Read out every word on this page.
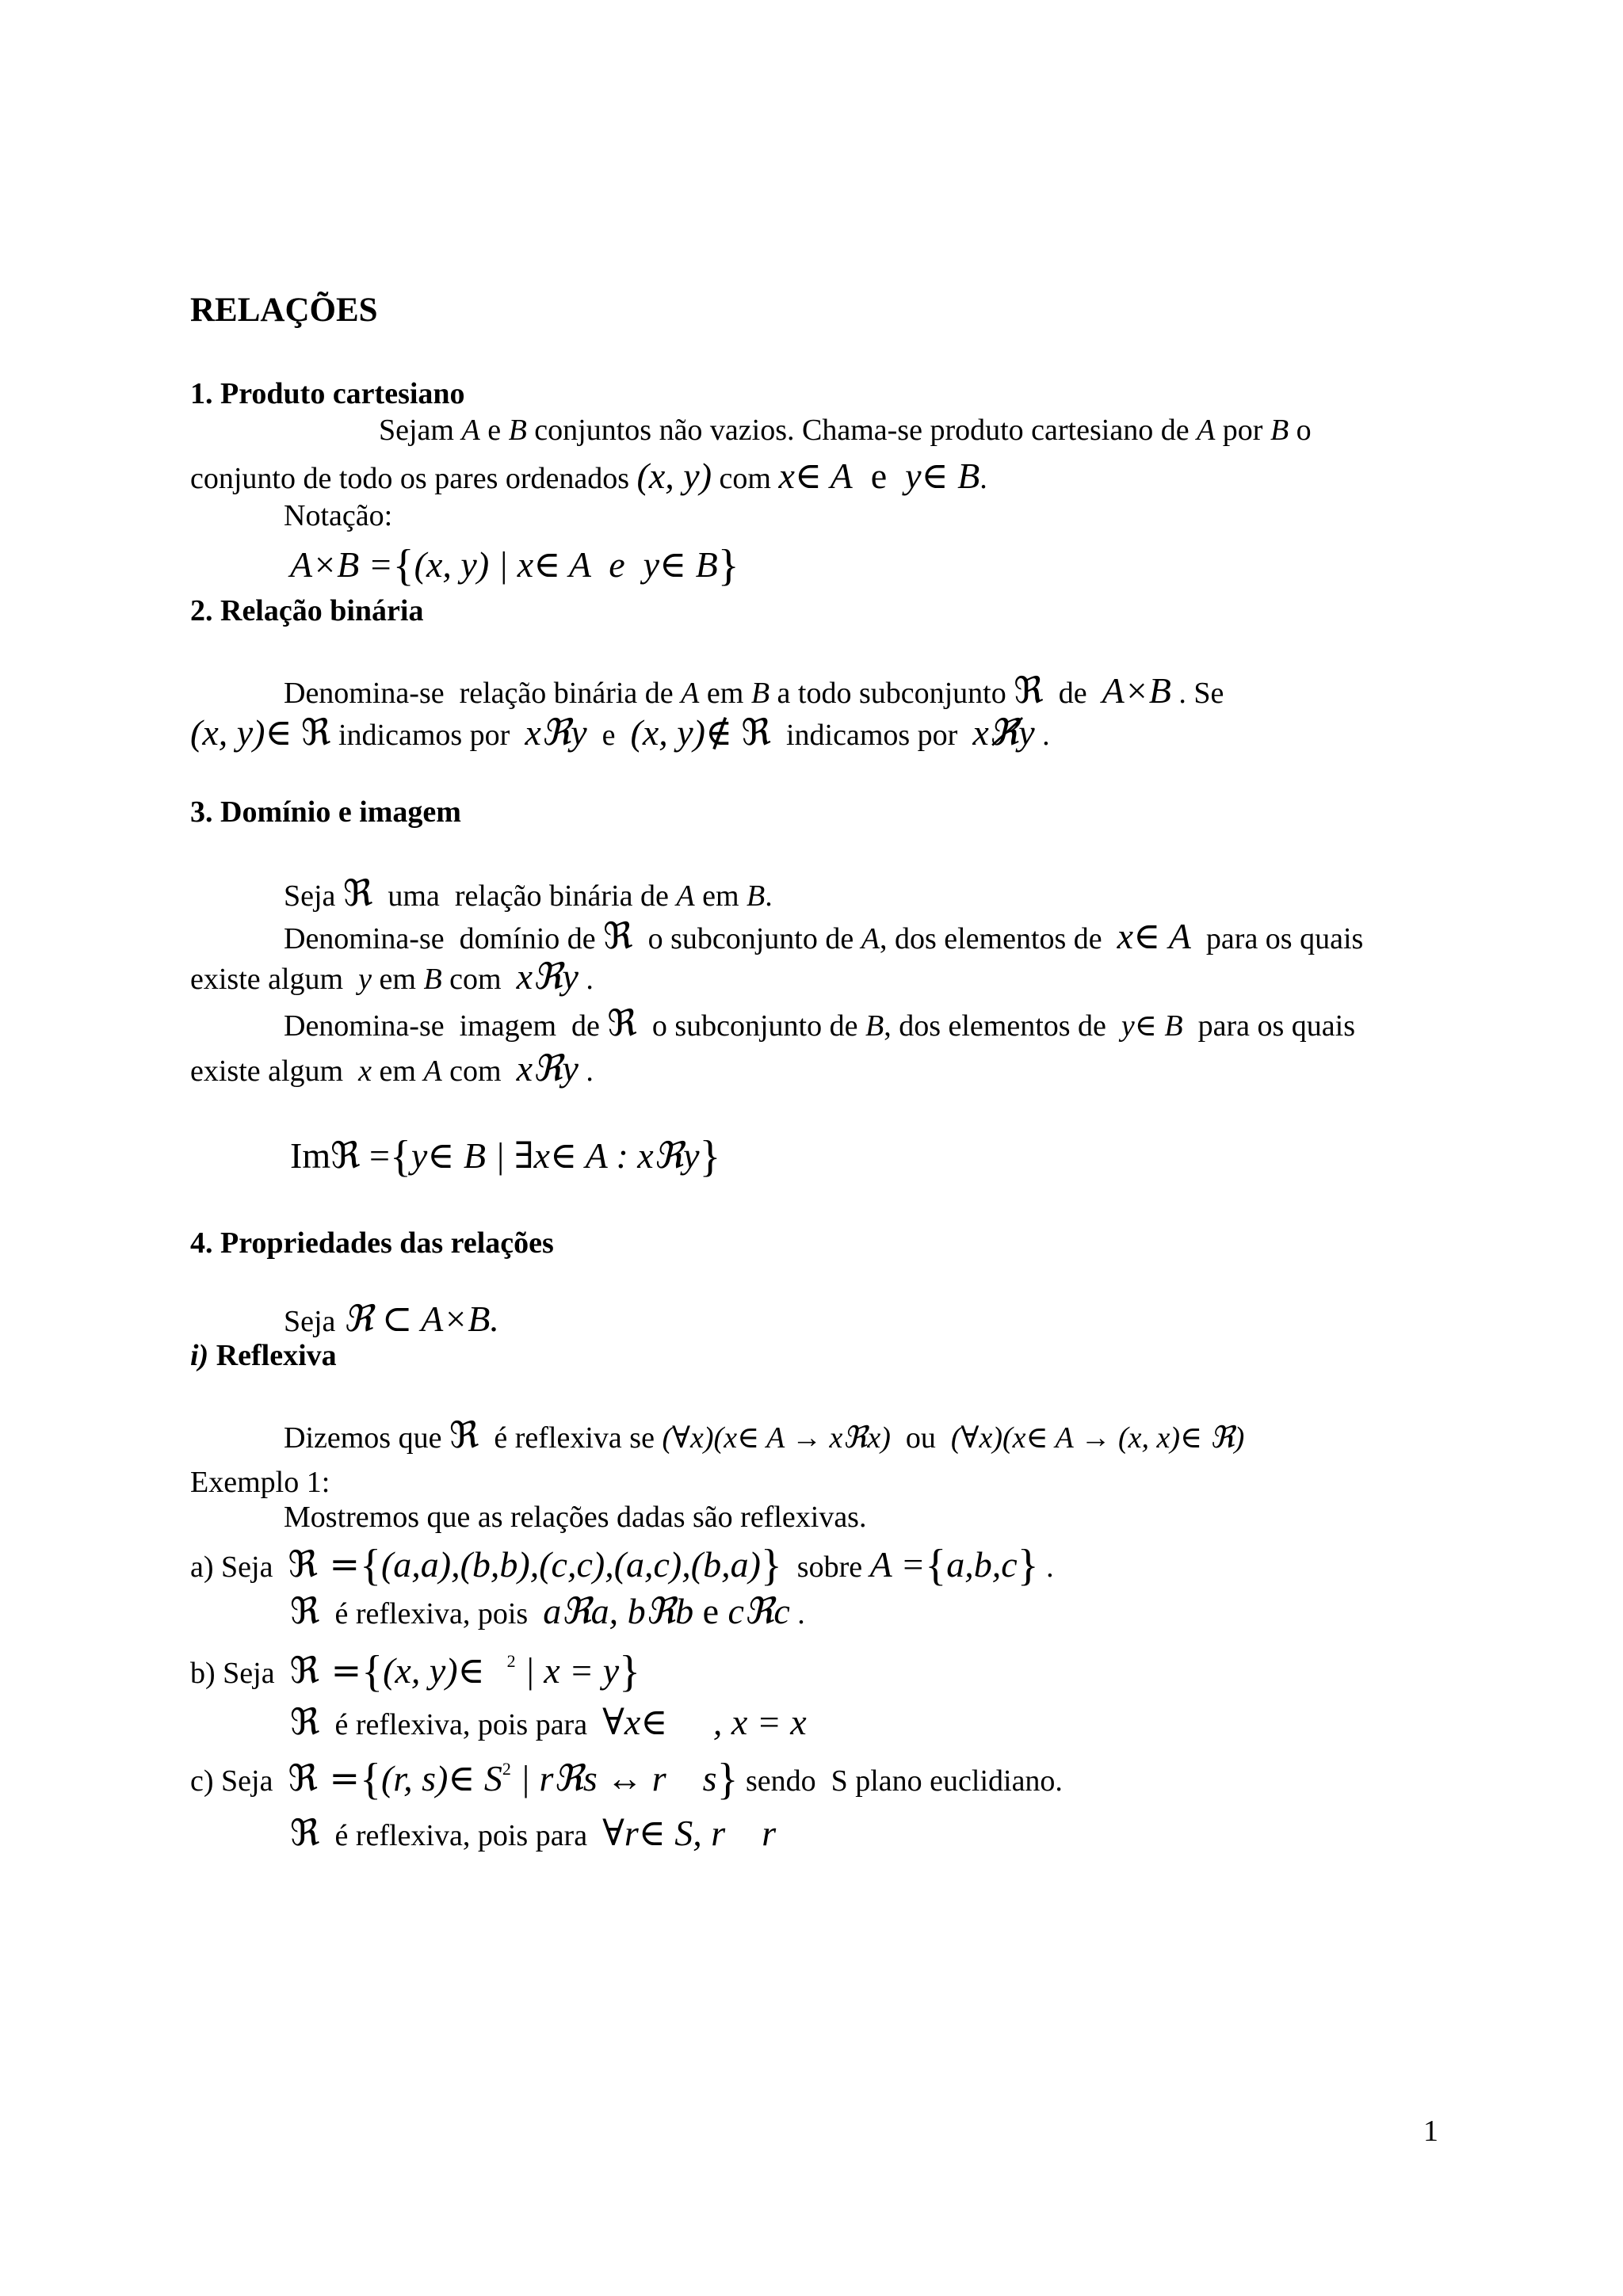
RELAÇÕES
1. Produto cartesiano
Sejam A e B conjuntos não vazios. Chama-se produto cartesiano de A por B o
conjunto de todo os pares ordenados (x, y) com x∈ A  e  y∈ B.
Notação:
A×B ={(x, y) | x∈ A  e  y∈ B}
2. Relação binária
Denomina-se  relação binária de A em B a todo subconjunto ℜ  de  A×B . Se
(x, y)∈ ℜ indicamos por  xℜy  e  (x, y)∉ ℜ  indicamos por  xℜ̸y .
3. Domínio e imagem
Seja ℜ  uma  relação binária de A em B.
Denomina-se  domínio de ℜ  o subconjunto de A, dos elementos de  x∈ A  para os quais
existe algum  y em B com  xℜy .
Denomina-se  imagem  de ℜ  o subconjunto de B, dos elementos de  y∈ B  para os quais
existe algum  x em A com  xℜy .
Imℜ ={y∈ B | ∃x∈ A : xℜy}
4. Propriedades das relações
Seja ℜ ⊂ A×B.
i) Reflexiva
Dizemos que ℜ  é reflexiva se (∀x)(x∈ A → xℜx)  ou  (∀x)(x∈ A → (x, x)∈ ℜ)
Exemplo 1:
Mostremos que as relações dadas são reflexivas.
a) Seja  ℜ ={(a,a),(b,b),(c,c),(a,c),(b,a)}  sobre A ={a,b,c} .
ℜ  é reflexiva, pois  aℜa, bℜb e cℜc .
b) Seja  ℜ ={(x, y)∈ $^2$ | x = y}
ℜ  é reflexiva, pois para  ∀x∈ , x = x
c) Seja  ℜ ={(r, s)∈ $S^2$ | rℜs ↔ r    s} sendo  S plano euclidiano.
ℜ  é reflexiva, pois para  ∀r∈ S, r    r
1
